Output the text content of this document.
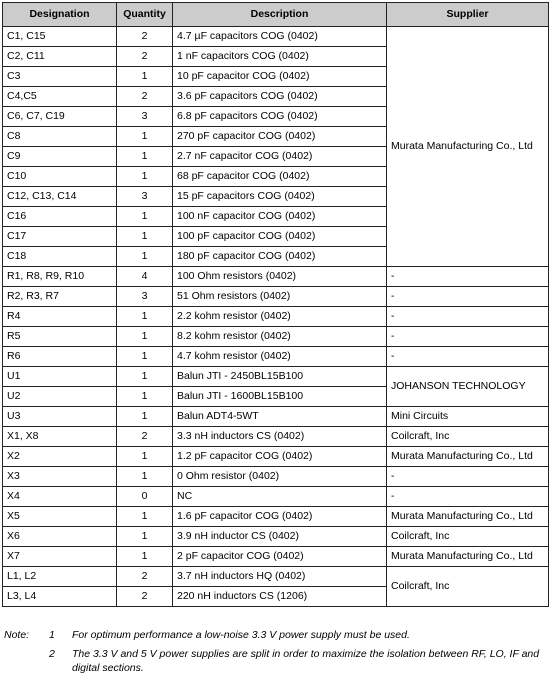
Designation	Quantity	Description	Supplier
C1, C15	2	4.7 µF capacitors COG (0402)	Murata Manufacturing Co., Ltd
C2, C11	2	1 nF capacitors COG (0402)	
C3	1	10 pF capacitor COG (0402)	
C4,C5	2	3.6 pF capacitors COG (0402)	
C6, C7, C19	3	6.8 pF capacitors COG (0402)	
C8	1	270 pF capacitor COG (0402)	
C9	1	2.7 nF capacitor COG (0402)	
C10	1	68 pF capacitor COG (0402)	
C12, C13, C14	3	15 pF capacitors COG (0402)	
C16	1	100 nF capacitor COG (0402)	
C17	1	100 pF capacitor COG (0402)	
C18	1	180 pF capacitor COG (0402)	
R1, R8, R9, R10	4	100 Ohm resistors (0402)	-
R2, R3, R7	3	51 Ohm resistors (0402)	-
R4	1	2.2 kohm resistor (0402)	-
R5	1	8.2 kohm resistor (0402)	-
R6	1	4.7 kohm resistor (0402)	-
U1	1	Balun JTI - 2450BL15B100	JOHANSON TECHNOLOGY
U2	1	Balun JTI - 1600BL15B100	
U3	1	Balun ADT4-5WT	Mini Circuits
X1, X8	2	3.3 nH inductors CS (0402)	Coilcraft, Inc
X2	1	1.2 pF capacitor COG (0402)	Murata Manufacturing Co., Ltd
X3	1	0 Ohm resistor (0402)	-
X4	0	NC	-
X5	1	1.6 pF capacitor COG (0402)	Murata Manufacturing Co., Ltd
X6	1	3.9 nH inductor CS (0402)	Coilcraft, Inc
X7	1	2 pF capacitor COG (0402)	Murata Manufacturing Co., Ltd
L1, L2	2	3.7 nH inductors HQ (0402)	Coilcraft, Inc
L3, L4	2	220 nH inductors CS (1206)	
Note:	1	For optimum performance a low-noise 3.3 V power supply must be used.
2	The 3.3 V and 5 V power supplies are split in order to maximize the isolation between RF, LO, IF and digital sections.
